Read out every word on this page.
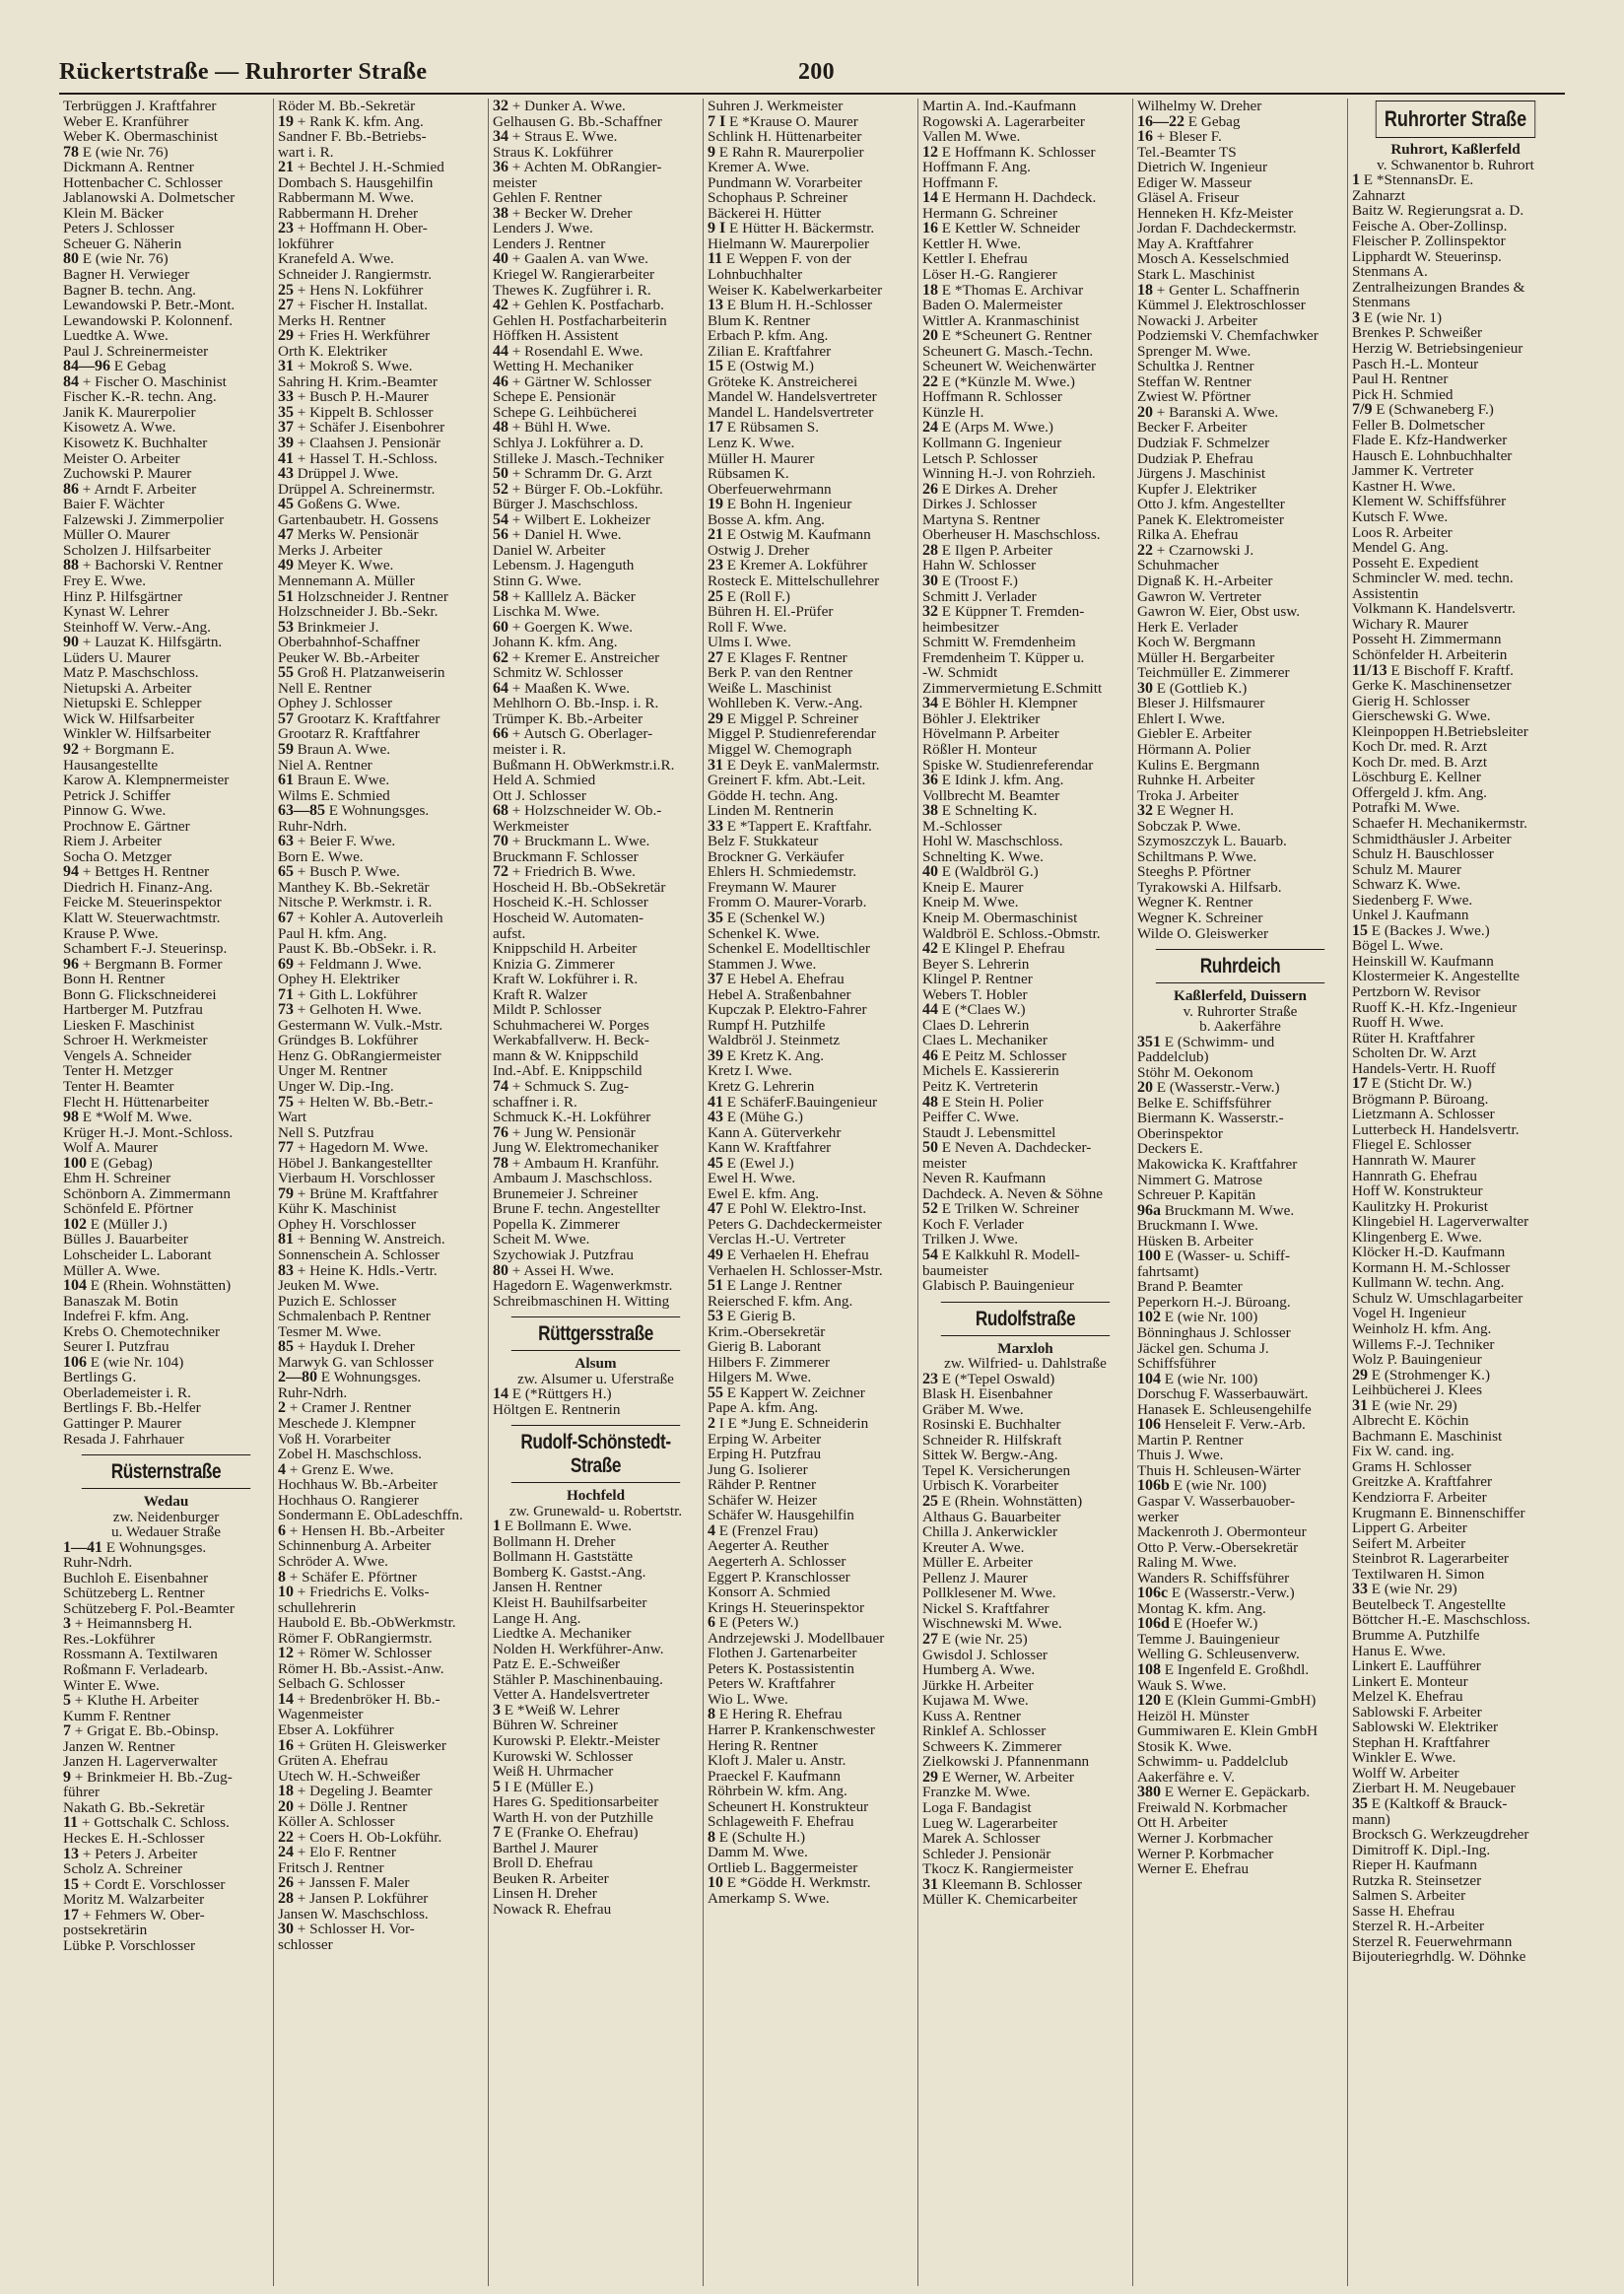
Rückertstraße — Ruhrorter Straße	200
Terbrüggen J. Kraftfahrer
Weber E. Kranführer
Weber K. Obermaschinist
78 E (wie Nr. 76)
Dickmann A. Rentner
Hottenbacher C. Schlosser
Jablanowski A. Dolmetscher
Klein M. Bäcker
Peters J. Schlosser
Scheuer G. Näherin
80 E (wie Nr. 76)
Bagner H. Verwieger
Bagner B. techn. Ang.
Lewandowski P. Betr.-Mont.
Lewandowski P. Kolonnenf.
Luedtke A. Wwe.
Paul J. Schreinermeister
84—96 E Gebag
84 + Fischer O. Maschinist
Fischer K.-R. techn. Ang.
Janik K. Maurerpolier
Kisowetz A. Wwe.
Kisowetz K. Buchhalter
Meister O. Arbeiter
Zuchowski P. Maurer
86 + Arndt F. Arbeiter
Baier F. Wächter
Falzewski J. Zimmerpolier
Müller O. Maurer
Scholzen J. Hilfsarbeiter
88 + Bachorski V. Rentner
Frey E. Wwe.
Hinz P. Hilfsgärtner
Kynast W. Lehrer
Steinhoff W. Verw.-Ang.
90 + Lauzat K. Hilfsgärtn.
Lüders U. Maurer
Matz P. Maschschloss.
Nietupski A. Arbeiter
Nietupski E. Schlepper
Wick W. Hilfsarbeiter
Winkler W. Hilfsarbeiter
92 + Borgmann E.
Hausangestellte
Karow A. Klempnermeister
Petrick J. Schiffer
Pinnow G. Wwe.
Prochnow E. Gärtner
Riem J. Arbeiter
Socha O. Metzger
94 + Bettges H. Rentner
Diedrich H. Finanz-Ang.
Feicke M. Steuerinspektor
Klatt W. Steuerwachtmstr.
Krause P. Wwe.
Schambert F.-J. Steuerinsp.
96 + Bergmann B. Former
Bonn H. Rentner
Bonn G. Flickschneiderei
Hartberger M. Putzfrau
Liesken F. Maschinist
Schroer H. Werkmeister
Vengels A. Schneider
Tenter H. Metzger
Tenter H. Beamter
Flecht H. Hüttenarbeiter
98 E *Wolf M. Wwe.
Krüger H.-J. Mont.-Schloss.
Wolf A. Maurer
100 E (Gebag)
Ehm H. Schreiner
Schönborn A. Zimmermann
Schönfeld E. Pförtner
102 E (Müller J.)
Bülles J. Bauarbeiter
Lohscheider L. Laborant
Müller A. Wwe.
104 E (Rhein. Wohnstätten)
Banaszak M. Botin
Indefrei F. kfm. Ang.
Krebs O. Chemotechniker
Seurer I. Putzfrau
106 E (wie Nr. 104)
Bertlings G.
Oberlademeister i. R.
Bertlings F. Bb.-Helfer
Gattinger P. Maurer
Resada J. Fahrhauer
Rüsternstraße
Wedau
zw. Neidenburger
u. Wedauer Straße
1—41 E Wohnungsges.
Ruhr-Ndrh.
Buchloh E. Eisenbahner
Schützeberg L. Rentner
Schützeberg F. Pol.-Beamter
3 + Heimannsberg H.
Res.-Lokführer
Rossmann A. Textilwaren
Roßmann F. Verladearb.
Winter E. Wwe.
5 + Kluthe H. Arbeiter
Kumm F. Rentner
7 + Grigat E. Bb.-Obinsp.
Janzen W. Rentner
Janzen H. Lagerverwalter
9 + Brinkmeier H. Bb.-Zug-
führer
Nakath G. Bb.-Sekretär
11 + Gottschalk C. Schloss.
Heckes E. H.-Schlosser
13 + Peters J. Arbeiter
Scholz A. Schreiner
15 + Cordt E. Vorschlosser
Moritz M. Walzarbeiter
17 + Fehmers W. Ober-
postsekretärin
Lübke P. Vorschlosser
Röder M. Bb.-Sekretär
19 + Rank K. kfm. Ang.
Sandner F. Bb.-Betriebs-
wart i. R.
21 + Bechtel J. H.-Schmied
Dombach S. Hausgehilfin
Rabbermann M. Wwe.
Rabbermann H. Dreher
23 + Hoffmann H. Ober-
lokführer
Kranefeld A. Wwe.
Schneider J. Rangiermstr.
25 + Hens N. Lokführer
27 + Fischer H. Installat.
Merks H. Rentner
29 + Fries H. Werkführer
Orth K. Elektriker
31 + Mokroß S. Wwe.
Sahring H. Krim.-Beamter
33 + Busch P. H.-Maurer
35 + Kippelt B. Schlosser
37 + Schäfer J. Eisenbohrer
39 + Claahsen J. Pensionär
41 + Hassel T. H.-Schloss.
43 Drüppel J. Wwe.
Drüppel A. Schreinermstr.
45 Goßens G. Wwe.
Gartenbaubetr. H. Gossens
47 Merks W. Pensionär
Merks J. Arbeiter
49 Meyer K. Wwe.
Mennemann A. Müller
51 Holzschneider J. Rentner
Holzschneider J. Bb.-Sekr.
53 Brinkmeier J.
Oberbahnhof-Schaffner
Peuker W. Bb.-Arbeiter
55 Groß H. Platzanweiserin
Nell E. Rentner
Ophey J. Schlosser
57 Grootarz K. Kraftfahrer
Grootarz R. Kraftfahrer
59 Braun A. Wwe.
Niel A. Rentner
61 Braun E. Wwe.
Wilms E. Schmied
63—85 E Wohnungsges.
Ruhr-Ndrh.
63 + Beier F. Wwe.
Born E. Wwe.
65 + Busch P. Wwe.
Manthey K. Bb.-Sekretär
Nitsche P. Werkmstr. i. R.
67 + Kohler A. Autoverleih
Paul H. kfm. Ang.
Paust K. Bb.-ObSekr. i. R.
69 + Feldmann J. Wwe.
Ophey H. Elektriker
71 + Gith L. Lokführer
73 + Gelhoten H. Wwe.
Gestermann W. Vulk.-Mstr.
Gründges B. Lokführer
Henz G. ObRangiermeister
Unger M. Rentner
Unger W. Dip.-Ing.
75 + Helten W. Bb.-Betr.-
Wart
Nell S. Putzfrau
77 + Hagedorn M. Wwe.
Höbel J. Bankangestellter
Vierbaum H. Vorschlosser
79 + Brüne M. Kraftfahrer
Kühr K. Maschinist
Ophey H. Vorschlosser
81 + Benning W. Anstreich.
Sonnenschein A. Schlosser
83 + Heine K. Hdls.-Vertr.
Jeuken M. Wwe.
Puzich E. Schlosser
Schmalenbach P. Rentner
Tesmer M. Wwe.
85 + Hayduk I. Dreher
Marwyk G. van Schlosser
2—80 E Wohnungsges.
Ruhr-Ndrh.
2 + Cramer J. Rentner
Meschede J. Klempner
Voß H. Vorarbeiter
Zobel H. Maschschloss.
4 + Grenz E. Wwe.
Hochhaus W. Bb.-Arbeiter
Hochhaus O. Rangierer
Sondermann E. ObLadeschffn.
6 + Hensen H. Bb.-Arbeiter
Schinnenburg A. Arbeiter
Schröder A. Wwe.
8 + Schäfer E. Pförtner
10 + Friedrichs E. Volks-
schullehrerin
Haubold E. Bb.-ObWerkmstr.
Römer F. ObRangiermstr.
12 + Römer W. Schlosser
Römer H. Bb.-Assist.-Anw.
Selbach G. Schlosser
14 + Bredenbröker H. Bb.-
Wagenmeister
Ebser A. Lokführer
16 + Grüten H. Gleiswerker
Grüten A. Ehefrau
Utech W. H.-Schweißer
18 + Degeling J. Beamter
20 + Dölle J. Rentner
Köller A. Schlosser
22 + Coers H. Ob-Lokführ.
24 + Elo F. Rentner
Fritsch J. Rentner
26 + Janssen F. Maler
28 + Jansen P. Lokführer
Jansen W. Maschschloss.
30 + Schlosser H. Vor-
schlosser
32 + Dunker A. Wwe.
Gelhausen G. Bb.-Schaffner
34 + Straus E. Wwe.
Straus K. Lokführer
36 + Achten M. ObRangier-
meister
Gehlen F. Rentner
38 + Becker W. Dreher
Lenders J. Wwe.
Lenders J. Rentner
40 + Gaalen A. van Wwe.
Kriegel W. Rangierarbeiter
Thewes K. Zugführer i. R.
42 + Gehlen K. Postfacharb.
Gehlen H. Postfacharbeiterin
Höffken H. Assistent
44 + Rosendahl E. Wwe.
Wetting H. Mechaniker
46 + Gärtner W. Schlosser
Schepe E. Pensionär
Schepe G. Leihbücherei
48 + Bühl H. Wwe.
Schlya J. Lokführer a. D.
Stilleke J. Masch.-Techniker
50 + Schramm Dr. G. Arzt
52 + Bürger F. Ob.-Lokführ.
Bürger J. Maschschloss.
54 + Wilbert E. Lokheizer
56 + Daniel H. Wwe.
Daniel W. Arbeiter
Lebensm. J. Hagenguth
Stinn G. Wwe.
58 + Kalllelz A. Bäcker
Lischka M. Wwe.
60 + Goergen K. Wwe.
Johann K. kfm. Ang.
62 + Kremer E. Anstreicher
Schmitz W. Schlosser
64 + Maaßen K. Wwe.
Mehlhorn O. Bb.-Insp. i. R.
Trümper K. Bb.-Arbeiter
66 + Autsch G. Oberlager-
meister i. R.
Bußmann H. ObWerkmstr.i.R.
Held A. Schmied
Ott J. Schlosser
68 + Holzschneider W. Ob.-
Werkmeister
70 + Bruckmann L. Wwe.
Bruckmann F. Schlosser
72 + Friedrich B. Wwe.
Hoscheid H. Bb.-ObSekretär
Hoscheid K.-H. Schlosser
Hoscheid W. Automaten-
aufst.
Knippschild H. Arbeiter
Knizia G. Zimmerer
Kraft W. Lokführer i. R.
Kraft R. Walzer
Mildt P. Schlosser
Schuhmacherei W. Porges
Werkabfallverw. H. Beck-
mann & W. Knippschild
Ind.-Abf. E. Knippschild
74 + Schmuck S. Zug-
schaffner i. R.
Schmuck K.-H. Lokführer
76 + Jung W. Pensionär
Jung W. Elektromechaniker
78 + Ambaum H. Kranführ.
Ambaum J. Maschschloss.
Brunemeier J. Schreiner
Brune F. techn. Angestellter
Popella K. Zimmerer
Scheit M. Wwe.
Szychowiak J. Putzfrau
80 + Assei H. Wwe.
Hagedorn E. Wagenwerkmstr.
Schreibmaschinen H. Witting
Rüttgersstraße
Alsum
zw. Alsumer u. Uferstraße
14 E (*Rüttgers H.)
Höltgen E. Rentnerin
Rudolf-Schönstedt-Straße
Hochfeld
zw. Grunewald- u. Robertstr.
1 E Bollmann E. Wwe.
Bollmann H. Dreher
Bollmann H. Gaststätte
Bomberg K. Gastst.-Ang.
Jansen H. Rentner
Kleist H. Bauhilfsarbeiter
Lange H. Ang.
Liedtke A. Mechaniker
Nolden H. Werkführer-Anw.
Patz E. E.-Schweißer
Stähler P. Maschinenbauing.
Vetter A. Handelsvertreter
3 E *Weiß W. Lehrer
Bühren W. Schreiner
Kurowski P. Elektr.-Meister
Kurowski W. Schlosser
Weiß H. Uhrmacher
5 I E (Müller E.)
Hares G. Speditionsarbeiter
Warth H. von der Putzhille
7 E (Franke O. Ehefrau)
Barthel J. Maurer
Broll D. Ehefrau
Beuken R. Arbeiter
Linsen H. Dreher
Nowack R. Ehefrau
Suhren J. Werkmeister
7 I E *Krause O. Maurer
Schlink H. Hüttenarbeiter
9 E Rahn R. Maurerpolier
Kremer A. Wwe.
Pundmann W. Vorarbeiter
Schophaus P. Schreiner
Bäckerei H. Hütter
9 I E Hütter H. Bäckermstr.
Hielmann W. Maurerpolier
11 E Weppen F. von der
Lohnbuchhalter
Weiser K. Kabelwerkarbeiter
13 E Blum H. H.-Schlosser
Blum K. Rentner
Erbach P. kfm. Ang.
Zilian E. Kraftfahrer
15 E (Ostwig M.)
Gröteke K. Anstreicherei
Mandel W. Handelsvertreter
Mandel L. Handelsvertreter
17 E Rübsamen S.
Lenz K. Wwe.
Müller H. Maurer
Rübsamen K.
Oberfeuerwehrmann
19 E Bohn H. Ingenieur
Bosse A. kfm. Ang.
21 E Ostwig M. Kaufmann
Ostwig J. Dreher
23 E Kremer A. Lokführer
Rosteck E. Mittelschullehrer
25 E (Roll F.)
Bühren H. El.-Prüfer
Roll F. Wwe.
Ulms I. Wwe.
27 E Klages F. Rentner
Berk P. van den Rentner
Weiße L. Maschinist
Wohlleben K. Verw.-Ang.
29 E Miggel P. Schreiner
Miggel P. Studienreferendar
Miggel W. Chemograph
31 E Deyk E. vanMalermstr.
Greinert F. kfm. Abt.-Leit.
Gödde H. techn. Ang.
Linden M. Rentnerin
33 E *Tappert E. Kraftfahr.
Belz F. Stukkateur
Brockner G. Verkäufer
Ehlers H. Schmiedemstr.
Freymann W. Maurer
Fromm O. Maurer-Vorarb.
35 E (Schenkel W.)
Schenkel K. Wwe.
Schenkel E. Modelltischler
Stammen J. Wwe.
37 E Hebel A. Ehefrau
Hebel A. Straßenbahner
Kupczak P. Elektro-Fahrer
Rumpf H. Putzhilfe
Waldbröl J. Steinmetz
39 E Kretz K. Ang.
Kretz I. Wwe.
Kretz G. Lehrerin
41 E SchäferF.Bauingenieur
43 E (Mühe G.)
Kann A. Güterverkehr
Kann W. Kraftfahrer
45 E (Ewel J.)
Ewel H. Wwe.
Ewel E. kfm. Ang.
47 E Pohl W. Elektro-Inst.
Peters G. Dachdeckermeister
Verclas H.-U. Vertreter
49 E Verhaelen H. Ehefrau
Verhaelen H. Schlosser-Mstr.
51 E Lange J. Rentner
Reiersched F. kfm. Ang.
53 E Gierig B.
Krim.-Obersekretär
Gierig B. Laborant
Hilbers F. Zimmerer
Hilgers M. Wwe.
55 E Kappert W. Zeichner
Pape A. kfm. Ang.
2 I E *Jung E. Schneiderin
Erping W. Arbeiter
Erping H. Putzfrau
Jung G. Isolierer
Rähder P. Rentner
Schäfer W. Heizer
Schäfer W. Hausgehilfin
4 E (Frenzel Frau)
Aegerter A. Reuther
Aegerterh A. Schlosser
Eggert P. Kranschlosser
Konsorr A. Schmied
Krings H. Steuerinspektor
6 E (Peters W.)
Andrzejewski J. Modellbauer
Flothen J. Gartenarbeiter
Peters K. Postassistentin
Peters W. Kraftfahrer
Wio L. Wwe.
8 E Hering R. Ehefrau
Harrer P. Krankenschwester
Hering R. Rentner
Kloft J. Maler u. Anstr.
Praeckel F. Kaufmann
Röhrbein W. kfm. Ang.
Scheunert H. Konstrukteur
Schlageweith F. Ehefrau
8 E (Schulte H.)
Damm M. Wwe.
Ortlieb L. Baggermeister
10 E *Gödde H. Werkmstr.
Amerkamp S. Wwe.
Martin A. Ind.-Kaufmann
Rogowski A. Lagerarbeiter
Vallen M. Wwe.
12 E Hoffmann K. Schlosser
Hoffmann F. Ang.
Hoffmann F.
14 E Hermann H. Dachdeck.
Hermann G. Schreiner
16 E Kettler W. Schneider
Kettler H. Wwe.
Kettler I. Ehefrau
Löser H.-G. Rangierer
18 E *Thomas E. Archivar
Baden O. Malermeister
Wittler A. Kranmaschinist
20 E *Scheunert G. Rentner
Scheunert G. Masch.-Techn.
Scheunert W. Weichenwärter
22 E (*Künzle M. Wwe.)
Hoffmann R. Schlosser
Künzle H.
24 E (Arps M. Wwe.)
Kollmann G. Ingenieur
Letsch P. Schlosser
Winning H.-J. von Rohrzieh.
26 E Dirkes A. Dreher
Dirkes J. Schlosser
Martyna S. Rentner
Oberheuser H. Maschschloss.
28 E Ilgen P. Arbeiter
Hahn W. Schlosser
30 E (Troost F.)
Schmitt J. Verlader
32 E Küppner T. Fremden-
heimbesitzer
Schmitt W. Fremdenheim
Fremdenheim T. Küpper u.
-W. Schmidt
Zimmervermietung E.Schmitt
34 E Böhler H. Klempner
Böhler J. Elektriker
Hövelmann P. Arbeiter
Rößler H. Monteur
Spiske W. Studienreferendar
36 E Idink J. kfm. Ang.
Vollbrecht M. Beamter
38 E Schnelting K.
M.-Schlosser
Hohl W. Maschschloss.
Schnelting K. Wwe.
40 E (Waldbröl G.)
Kneip E. Maurer
Kneip M. Wwe.
Kneip M. Obermaschinist
Waldbröl E. Schloss.-Obmstr.
42 E Klingel P. Ehefrau
Beyer S. Lehrerin
Klingel P. Rentner
Webers T. Hobler
44 E (*Claes W.)
Claes D. Lehrerin
Claes L. Mechaniker
46 E Peitz M. Schlosser
Michels E. Kassiererin
Peitz K. Vertreterin
48 E Stein H. Polier
Peiffer C. Wwe.
Staudt J. Lebensmittel
50 E Neven A. Dachdecker-
meister
Neven R. Kaufmann
Dachdeck. A. Neven & Söhne
52 E Trilken W. Schreiner
Koch F. Verlader
Trilken J. Wwe.
54 E Kalkkuhl R. Modell-
baumeister
Glabisch P. Bauingenieur
Rudolfstraße
Marxloh
zw. Wilfried- u. Dahlstraße
23 E (*Tepel Oswald)
Blask H. Eisenbahner
Gräber M. Wwe.
Rosinski E. Buchhalter
Schneider R. Hilfskraft
Sittek W. Bergw.-Ang.
Tepel K. Versicherungen
Urbisch K. Vorarbeiter
25 E (Rhein. Wohnstätten)
Althaus G. Bauarbeiter
Chilla J. Ankerwickler
Kreuter A. Wwe.
Müller E. Arbeiter
Pellenz J. Maurer
Pollklesener M. Wwe.
Nickel S. Kraftfahrer
Wischnewski M. Wwe.
27 E (wie Nr. 25)
Gwisdol J. Schlosser
Humberg A. Wwe.
Jürkke H. Arbeiter
Kujawa M. Wwe.
Kuss A. Rentner
Rinklef A. Schlosser
Schweers K. Zimmerer
Zielkowski J. Pfannenmann
29 E Werner, W. Arbeiter
Franzke M. Wwe.
Loga F. Bandagist
Lueg W. Lagerarbeiter
Marek A. Schlosser
Schleder J. Pensionär
Tkocz K. Rangiermeister
31 Kleemann B. Schlosser
Müller K. Chemicarbeiter
Wilhelmy W. Dreher
16—22 E Gebag
16 + Bleser F.
Tel.-Beamter TS
Dietrich W. Ingenieur
Ediger W. Masseur
Gläsel A. Friseur
Henneken H. Kfz-Meister
Jordan F. Dachdeckermstr.
May A. Kraftfahrer
Mosch A. Kesselschmied
Stark L. Maschinist
18 + Genter L. Schaffnerin
Kümmel J. Elektroschlosser
Nowacki J. Arbeiter
Podziemski V. Chemfachwker
Sprenger M. Wwe.
Schultka J. Rentner
Steffan W. Rentner
Zwiest W. Pförtner
20 + Baranski A. Wwe.
Becker F. Arbeiter
Dudziak F. Schmelzer
Dudziak P. Ehefrau
Jürgens J. Maschinist
Kupfer J. Elektriker
Otto J. kfm. Angestellter
Panek K. Elektromeister
Rilka A. Ehefrau
22 + Czarnowski J.
Schuhmacher
Dignaß K. H.-Arbeiter
Gawron W. Vertreter
Gawron W. Eier, Obst usw.
Herk E. Verlader
Koch W. Bergmann
Müller H. Bergarbeiter
Teichmüller E. Zimmerer
30 E (Gottlieb K.)
Bleser J. Hilfsmaurer
Ehlert I. Wwe.
Giebler E. Arbeiter
Hörmann A. Polier
Kulins E. Bergmann
Ruhnke H. Arbeiter
Troka J. Arbeiter
32 E Wegner H.
Sobczak P. Wwe.
Szymoszczyk L. Bauarb.
Schiltmans P. Wwe.
Steeghs P. Pförtner
Tyrakowski A. Hilfsarb.
Wegner K. Rentner
Wegner K. Schreiner
Wilde O. Gleiswerker
Ruhrdeich
Kaßlerfeld, Duissern
v. Ruhrorter Straße
b. Aakerfähre
351 E (Schwimm- und
Paddelclub)
Stöhr M. Oekonom
20 E (Wasserstr.-Verw.)
Belke E. Schiffsführer
Biermann K. Wasserstr.-
Oberinspektor
Deckers E.
Makowicka K. Kraftfahrer
Nimmert G. Matrose
Schreuer P. Kapitän
96a Bruckmann M. Wwe.
Bruckmann I. Wwe.
Hüsken B. Arbeiter
100 E (Wasser- u. Schiff-
fahrtsamt)
Brand P. Beamter
Peperkorn H.-J. Büroang.
102 E (wie Nr. 100)
Bönninghaus J. Schlosser
Jäckel gen. Schuma J.
Schiffsführer
104 E (wie Nr. 100)
Dorschug F. Wasserbauwärt.
Hanasek E. Schleusengehilfe
106 Henseleit F. Verw.-Arb.
Martin P. Rentner
Thuis J. Wwe.
Thuis H. Schleusen-Wärter
106b E (wie Nr. 100)
Gaspar V. Wasserbauober-
werker
Mackenroth J. Obermonteur
Otto P. Verw.-Obersekretär
Raling M. Wwe.
Wanders R. Schiffsführer
106c E (Wasserstr.-Verw.)
Montag K. kfm. Ang.
106d E (Hoefer W.)
Temme J. Bauingenieur
Welling G. Schleusenverw.
108 E Ingenfeld E. Großhdl.
Wauk S. Wwe.
120 E (Klein Gummi-GmbH)
Heizöl H. Münster
Gummiwaren E. Klein GmbH
Stosik K. Wwe.
Schwimm- u. Paddelclub
Aakerfähre e. V.
380 E Werner E. Gepäckarb.
Freiwald N. Korbmacher
Ott H. Arbeiter
Werner J. Korbmacher
Werner P. Korbmacher
Werner E. Ehefrau
Ruhrorter Straße
Ruhrort, Kaßlerfeld
v. Schwanentor b. Ruhrort
1 E *StennansDr. E.
Zahnarzt
Baitz W. Regierungsrat a. D.
Feische A. Ober-Zollinsp.
Fleischer P. Zollinspektor
Lipphardt W. Steuerinsp.
Stenmans A.
Zentralheizungen Brandes &
Stenmans
3 E (wie Nr. 1)
Brenkes P. Schweißer
Herzig W. Betriebsingenieur
Pasch H.-L. Monteur
Paul H. Rentner
Pick H. Schmied
7/9 E (Schwaneberg F.)
Feller B. Dolmetscher
Flade E. Kfz-Handwerker
Hausch E. Lohnbuchhalter
Jammer K. Vertreter
Kastner H. Wwe.
Klement W. Schiffsführer
Kutsch F. Wwe.
Loos R. Arbeiter
Mendel G. Ang.
Posseht E. Expedient
Schmincler W. med. techn.
Assistentin
Volkmann K. Handelsvertr.
Wichary R. Maurer
Posseht H. Zimmermann
Schönfelder H. Arbeiterin
11/13 E Bischoff F. Kraftf.
Gerke K. Maschinensetzer
Gierig H. Schlosser
Gierschewski G. Wwe.
Kleinpoppen H.Betriebsleiter
Koch Dr. med. R. Arzt
Koch Dr. med. B. Arzt
Löschburg E. Kellner
Offergeld J. kfm. Ang.
Potrafki M. Wwe.
Schaefer H. Mechanikermstr.
Schmidthäusler J. Arbeiter
Schulz H. Bauschlosser
Schulz M. Maurer
Schwarz K. Wwe.
Siedenberg F. Wwe.
Unkel J. Kaufmann
15 E (Backes J. Wwe.)
Bögel L. Wwe.
Heinskill W. Kaufmann
Klostermeier K. Angestellte
Pertzborn W. Revisor
Ruoff K.-H. Kfz.-Ingenieur
Ruoff H. Wwe.
Rüter H. Kraftfahrer
Scholten Dr. W. Arzt
Handels-Vertr. H. Ruoff
17 E (Sticht Dr. W.)
Brögmann P. Büroang.
Lietzmann A. Schlosser
Lutterbeck H. Handelsvertr.
Fliegel E. Schlosser
Hannrath W. Maurer
Hannrath G. Ehefrau
Hoff W. Konstrukteur
Kaulitzky H. Prokurist
Klingebiel H. Lagerverwalter
Klingenberg E. Wwe.
Klöcker H.-D. Kaufmann
Kormann H. M.-Schlosser
Kullmann W. techn. Ang.
Schulz W. Umschlagarbeiter
Vogel H. Ingenieur
Weinholz H. kfm. Ang.
Willems F.-J. Techniker
Wolz P. Bauingenieur
29 E (Strohmenger K.)
Leihbücherei J. Klees
31 E (wie Nr. 29)
Albrecht E. Köchin
Bachmann E. Maschinist
Fix W. cand. ing.
Grams H. Schlosser
Greitzke A. Kraftfahrer
Kendziorra F. Arbeiter
Krugmann E. Binnenschiffer
Lippert G. Arbeiter
Seifert M. Arbeiter
Steinbrot R. Lagerarbeiter
Textilwaren H. Simon
33 E (wie Nr. 29)
Beutelbeck T. Angestellte
Böttcher H.-E. Maschschloss.
Brumme A. Putzhilfe
Hanus E. Wwe.
Linkert E. Laufführer
Linkert E. Monteur
Melzel K. Ehefrau
Sablowski F. Arbeiter
Sablowski W. Elektriker
Stephan H. Kraftfahrer
Winkler E. Wwe.
Wolff W. Arbeiter
Zierbart H. M. Neugebauer
35 E (Kaltkoff & Brauck-
mann)
Brocksch G. Werkzeugdreher
Dimitroff K. Dipl.-Ing.
Rieper H. Kaufmann
Rutzka R. Steinsetzer
Salmen S. Arbeiter
Sasse H. Ehefrau
Sterzel R. H.-Arbeiter
Sterzel R. Feuerwehrmann
Bijouteriegrhdlg. W. Döhnke
